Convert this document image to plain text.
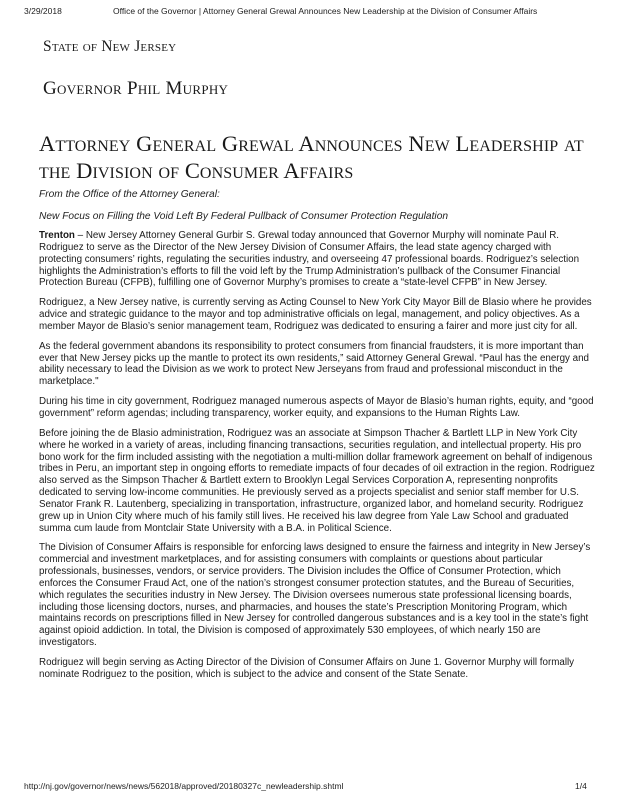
3/29/2018	Office of the Governor | Attorney General Grewal Announces New Leadership at the Division of Consumer Affairs
State of New Jersey
Governor Phil Murphy
Attorney General Grewal Announces New Leadership at the Division of Consumer Affairs
From the Office of the Attorney General:
New Focus on Filling the Void Left By Federal Pullback of Consumer Protection Regulation

Trenton – New Jersey Attorney General Gurbir S. Grewal today announced that Governor Murphy will nominate Paul R. Rodriguez to serve as the Director of the New Jersey Division of Consumer Affairs, the lead state agency charged with protecting consumers’ rights, regulating the securities industry, and overseeing 47 professional boards. Rodriguez’s selection highlights the Administration’s efforts to fill the void left by the Trump Administration’s pullback of the Consumer Financial Protection Bureau (CFPB), fulfilling one of Governor Murphy’s promises to create a “state-level CFPB” in New Jersey.

Rodriguez, a New Jersey native, is currently serving as Acting Counsel to New York City Mayor Bill de Blasio where he provides advice and strategic guidance to the mayor and top administrative officials on legal, management, and policy objectives. As a member Mayor de Blasio’s senior management team, Rodriguez was dedicated to ensuring a fairer and more just city for all.

As the federal government abandons its responsibility to protect consumers from financial fraudsters, it is more important than ever that New Jersey picks up the mantle to protect its own residents,” said Attorney General Grewal. “Paul has the energy and ability necessary to lead the Division as we work to protect New Jerseyans from fraud and professional misconduct in the marketplace."

During his time in city government, Rodriguez managed numerous aspects of Mayor de Blasio’s human rights, equity, and “good government” reform agendas; including transparency, worker equity, and expansions to the Human Rights Law.

Before joining the de Blasio administration, Rodriguez was an associate at Simpson Thacher & Bartlett LLP in New York City where he worked in a variety of areas, including financing transactions, securities regulation, and intellectual property. His pro bono work for the firm included assisting with the negotiation a multi-million dollar framework agreement on behalf of indigenous tribes in Peru, an important step in ongoing efforts to remediate impacts of four decades of oil extraction in the region. Rodriguez also served as the Simpson Thacher & Bartlett extern to Brooklyn Legal Services Corporation A, representing nonprofits dedicated to serving low-income communities. He previously served as a projects specialist and senior staff member for U.S. Senator Frank R. Lautenberg, specializing in transportation, infrastructure, organized labor, and homeland security. Rodriguez grew up in Union City where much of his family still lives. He received his law degree from Yale Law School and graduated summa cum laude from Montclair State University with a B.A. in Political Science.

The Division of Consumer Affairs is responsible for enforcing laws designed to ensure the fairness and integrity in New Jersey’s commercial and investment marketplaces, and for assisting consumers with complaints or questions about particular professionals, businesses, vendors, or service providers. The Division includes the Office of Consumer Protection, which enforces the Consumer Fraud Act, one of the nation’s strongest consumer protection statutes, and the Bureau of Securities, which regulates the securities industry in New Jersey. The Division oversees numerous state professional licensing boards, including those licensing doctors, nurses, and pharmacies, and houses the state’s Prescription Monitoring Program, which maintains records on prescriptions filled in New Jersey for controlled dangerous substances and is a key tool in the state’s fight against opioid addiction. In total, the Division is composed of approximately 530 employees, of which nearly 150 are investigators.

Rodriguez will begin serving as Acting Director of the Division of Consumer Affairs on June 1. Governor Murphy will formally nominate Rodriguez to the position, which is subject to the advice and consent of the State Senate.

http://nj.gov/governor/news/news/562018/approved/20180327c_newleadership.shtml	1/4
